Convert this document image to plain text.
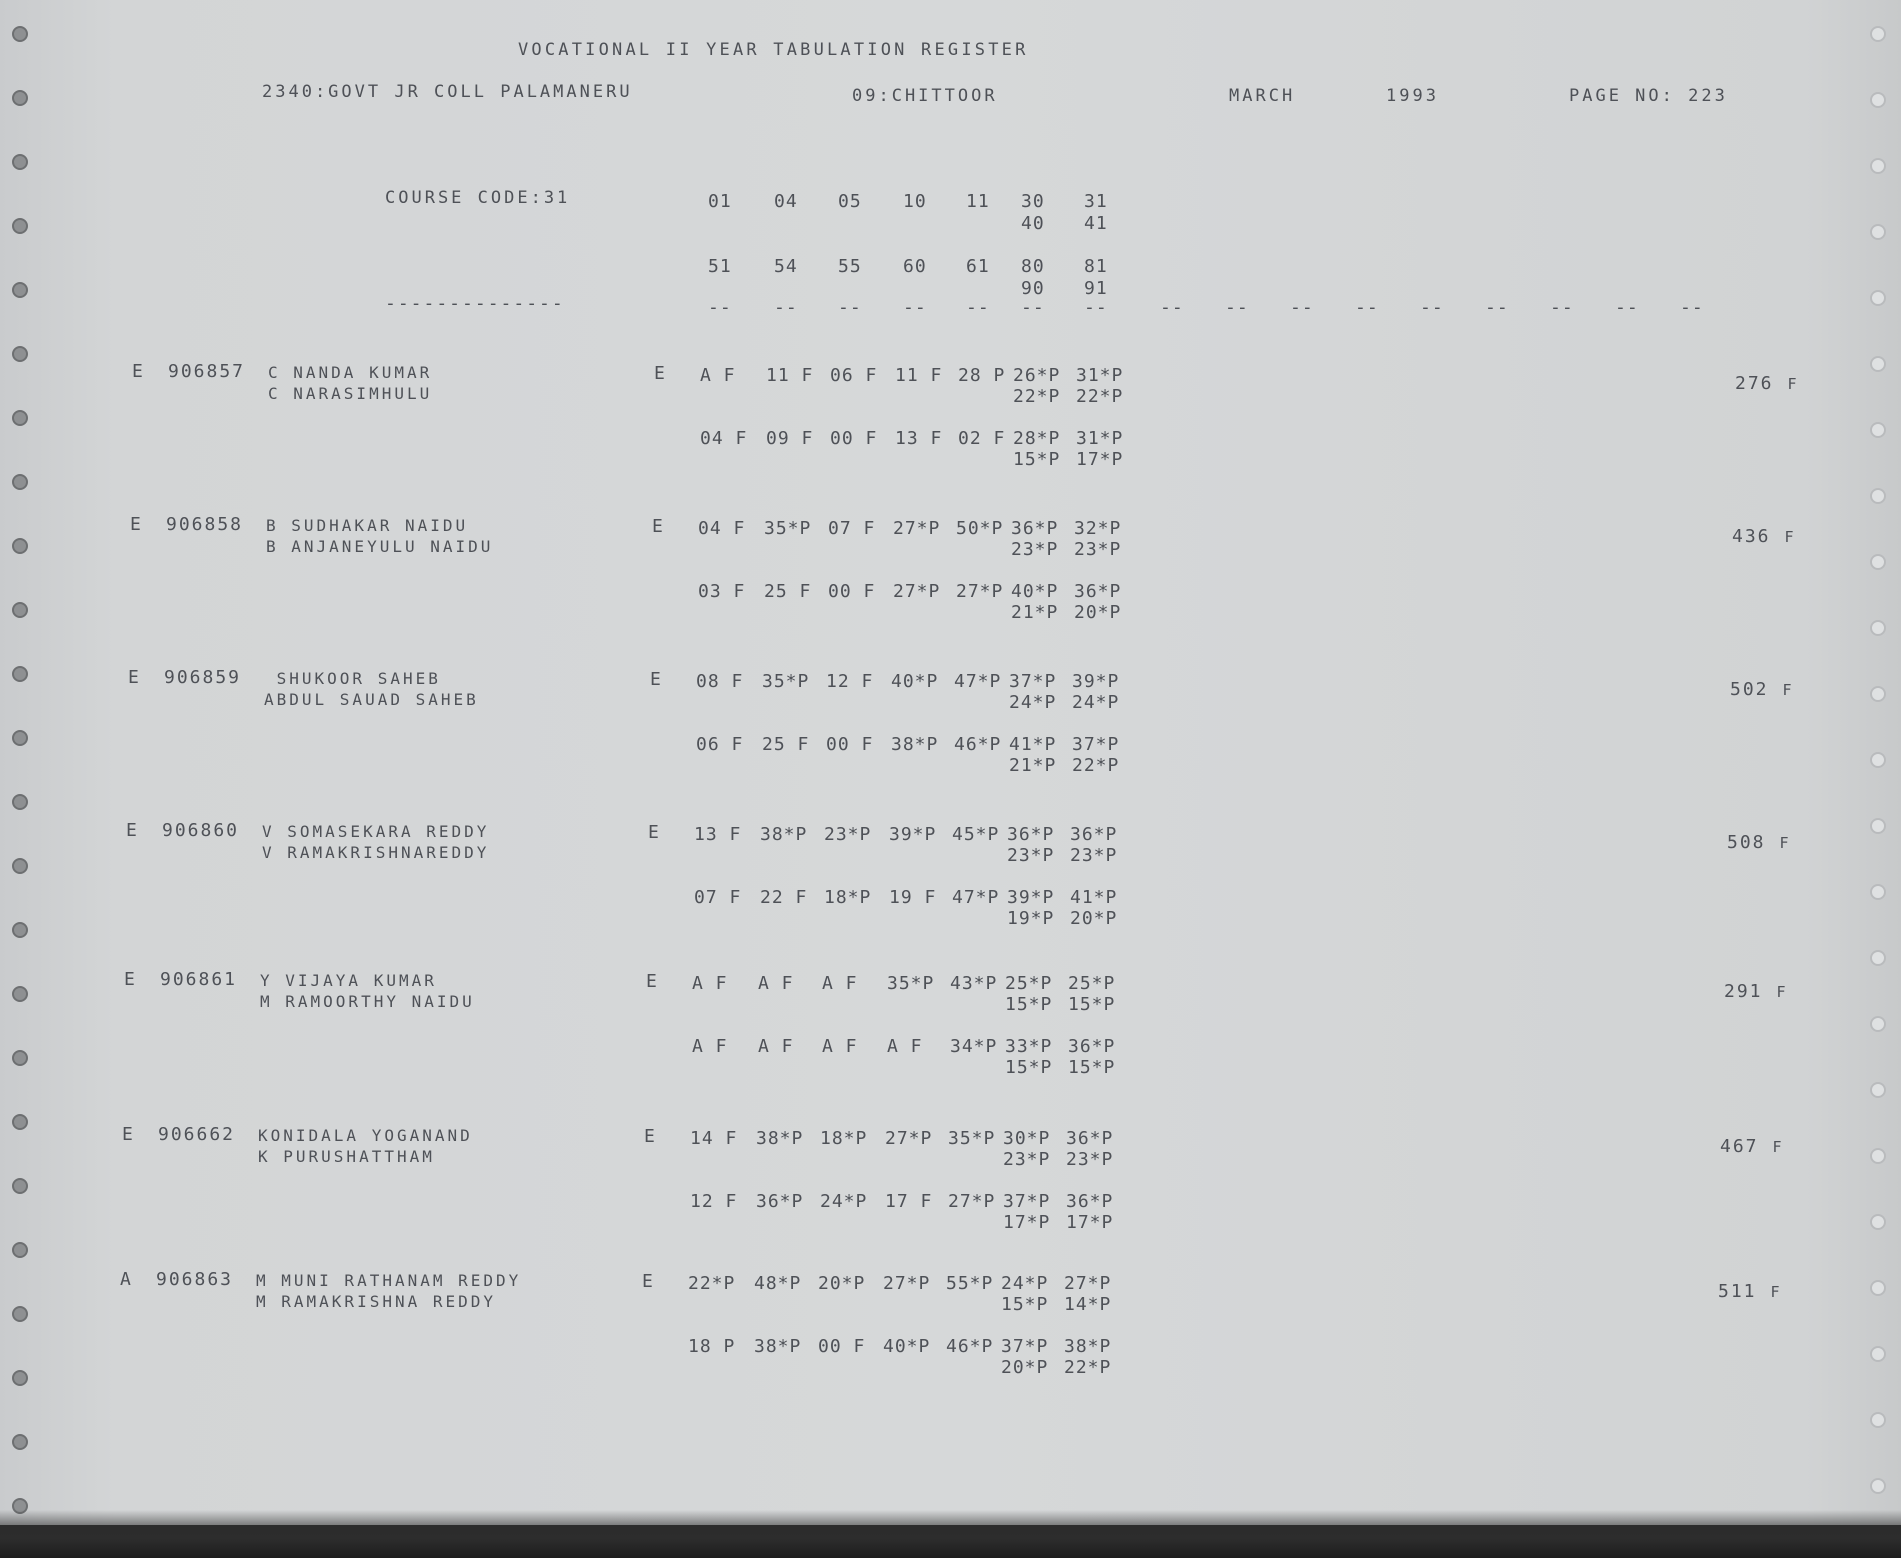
VOCATIONAL II YEAR TABULATION REGISTER
2340:GOVT JR COLL PALAMANERU	09:CHITTOOR	MARCH	1993	PAGE NO: 223
COURSE CODE:31
--------------
01 04 05 10 11 30 31
40 41
51 54 55 60 61 80 81
90 91
-- -- -- -- -- -- --	-- -- -- -- -- -- -- -- --
E 906857 C NANDA KUMAR
C NARASIMHULU
E A F 11 F 06 F 11 F 28 P 26*P 31*P
22*P 22*P
04 F 09 F 00 F 13 F 02 F 28*P 31*P
15*P 17*P
276 F
E 906858 B SUDHAKAR NAIDU
B ANJANEYULU NAIDU
E 04 F 35*P 07 F 27*P 50*P 36*P 32*P
23*P 23*P
03 F 25 F 00 F 27*P 27*P 40*P 36*P
21*P 20*P
436 F
E 906859 SHUKOOR SAHEB
ABDUL SAUAD SAHEB
E 08 F 35*P 12 F 40*P 47*P 37*P 39*P
24*P 24*P
06 F 25 F 00 F 38*P 46*P 41*P 37*P
21*P 22*P
502 F
E 906860 V SOMASEKARA REDDY
V RAMAKRISHNAREDDY
E 13 F 38*P 23*P 39*P 45*P 36*P 36*P
23*P 23*P
07 F 22 F 18*P 19 F 47*P 39*P 41*P
19*P 20*P
508 F
E 906861 Y VIJAYA KUMAR
M RAMOORTHY NAIDU
E A F A F A F 35*P 43*P 25*P 25*P
15*P 15*P
A F A F A F A F 34*P 33*P 36*P
15*P 15*P
291 F
E 906662 KONIDALA YOGANAND
K PURUSHATTHAM
E 14 F 38*P 18*P 27*P 35*P 30*P 36*P
23*P 23*P
12 F 36*P 24*P 17 F 27*P 37*P 36*P
17*P 17*P
467 F
A 906863 M MUNI RATHANAM REDDY
M RAMAKRISHNA REDDY
E 22*P 48*P 20*P 27*P 55*P 24*P 27*P
15*P 14*P
18 P 38*P 00 F 40*P 46*P 37*P 38*P
20*P 22*P
511 F
